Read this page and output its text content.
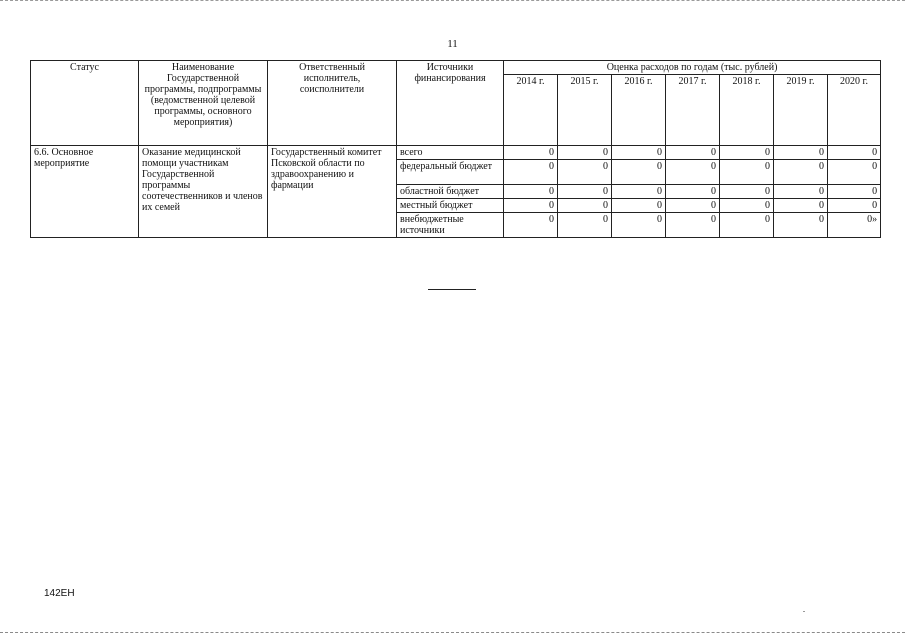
11
Статус	Наименование Государственной программы, подпрограммы (ведомственной целевой программы, основного мероприятия)	Ответственный исполнитель, соисполнители	Источники финансирования	Оценка расходов по годам (тыс. рублей)						
				2014 г.	2015 г.	2016 г.	2017 г.	2018 г.	2019 г.	2020 г.
6.6. Основное мероприятие	Оказание медицинской помощи участникам Государственной программы соотечественников и членов их семей	Государственный комитет Псковской области по здравоохранению и фармации	всего	0	0	0	0	0	0	0
			федеральный бюджет	0	0	0	0	0	0	0
			областной бюджет	0	0	0	0	0	0	0
			местный бюджет	0	0	0	0	0	0	0
			внебюджетные источники	0	0	0	0	0	0	0»
142ЕН
